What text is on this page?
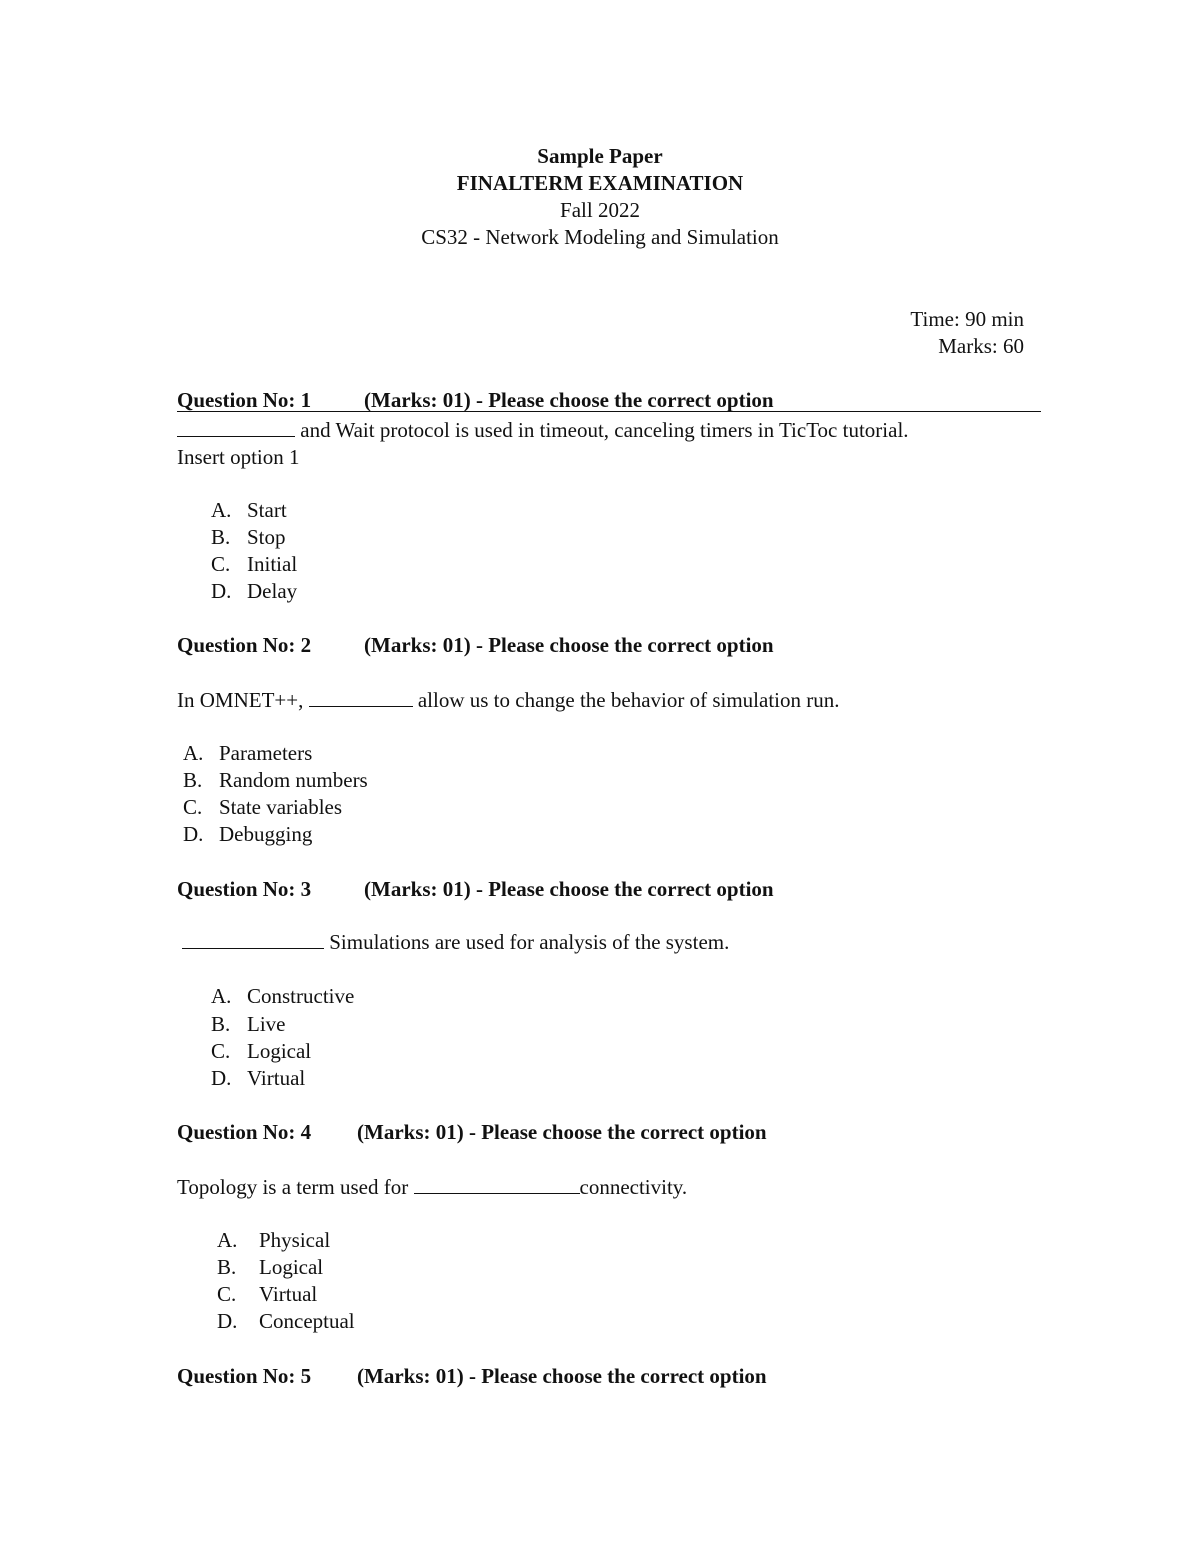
Sample Paper
FINALTERM EXAMINATION
Fall 2022
CS32 - Network Modeling and Simulation
Time: 90 min
Marks: 60
Question No: 1	(Marks: 01) - Please choose the correct option
and Wait protocol is used in timeout, canceling timers in TicToc tutorial.
Insert option 1
A. Start
B. Stop
C. Initial
D. Delay
Question No: 2	(Marks: 01) - Please choose the correct option
In OMNET++,	allow us to change the behavior of simulation run.
A. Parameters
B. Random numbers
C. State variables
D. Debugging
Question No: 3	(Marks: 01) - Please choose the correct option
Simulations are used for analysis of the system.
A. Constructive
B. Live
C. Logical
D. Virtual
Question No: 4 (Marks: 01) - Please choose the correct option
Topology is a term used for	connectivity.
A. Physical
B. Logical
C. Virtual
D. Conceptual
Question No: 5 (Marks: 01) - Please choose the correct option
